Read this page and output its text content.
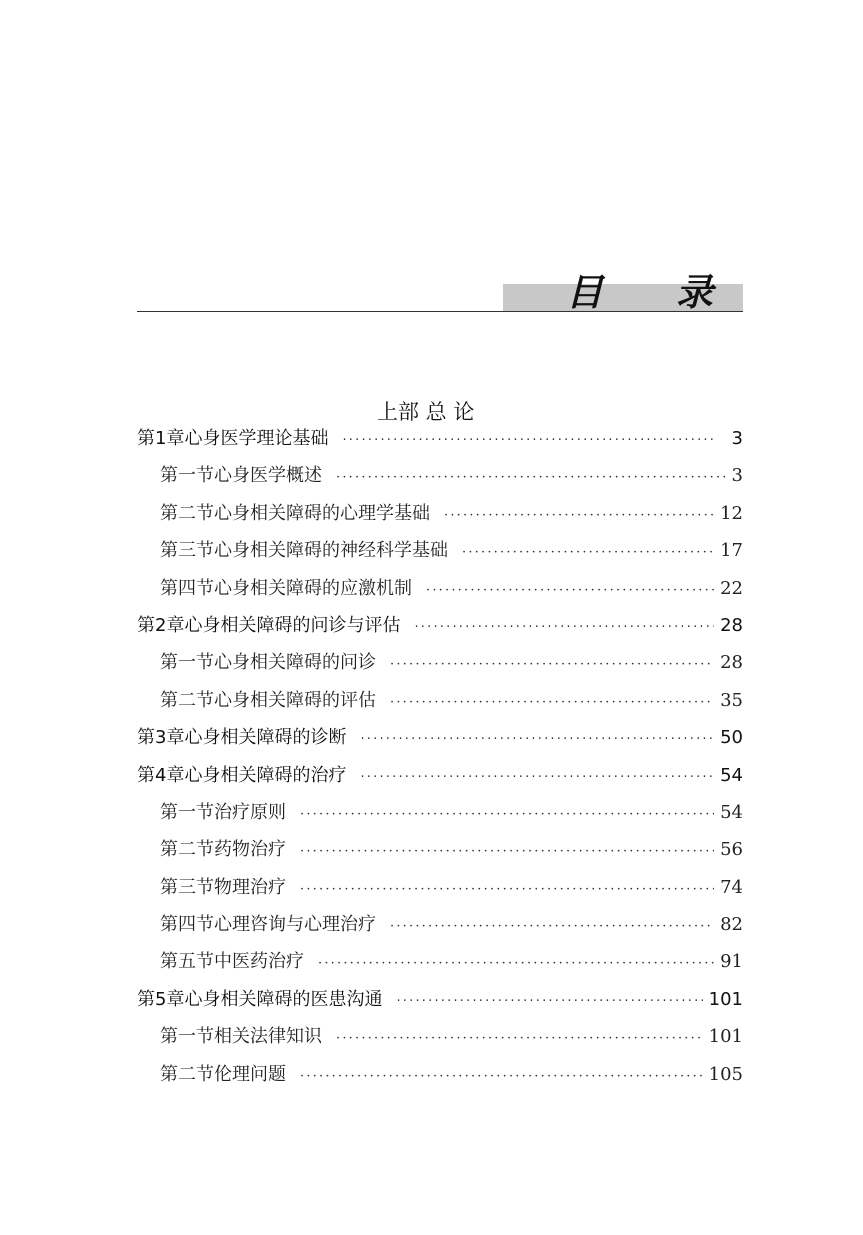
目 录

上部 总 论

第1章 心身医学理论基础 ·····	3
第一节 心身医学概述 ·····	3
第二节 心身相关障碍的心理学基础 ·····	12
第三节 心身相关障碍的神经科学基础 ·····	17
第四节 心身相关障碍的应激机制 ·····	22
第2章 心身相关障碍的问诊与评估 ·····	28
第一节 心身相关障碍的问诊 ·····	28
第二节 心身相关障碍的评估 ·····	35
第3章 心身相关障碍的诊断 ·····	50
第4章 心身相关障碍的治疗 ·····	54
第一节 治疗原则 ·····	54
第二节 药物治疗 ·····	56
第三节 物理治疗 ·····	74
第四节 心理咨询与心理治疗 ·····	82
第五节 中医药治疗 ·····	91
第5章 心身相关障碍的医患沟通 ·····	101
第一节 相关法律知识 ·····	101
第二节 伦理问题 ·····	105
